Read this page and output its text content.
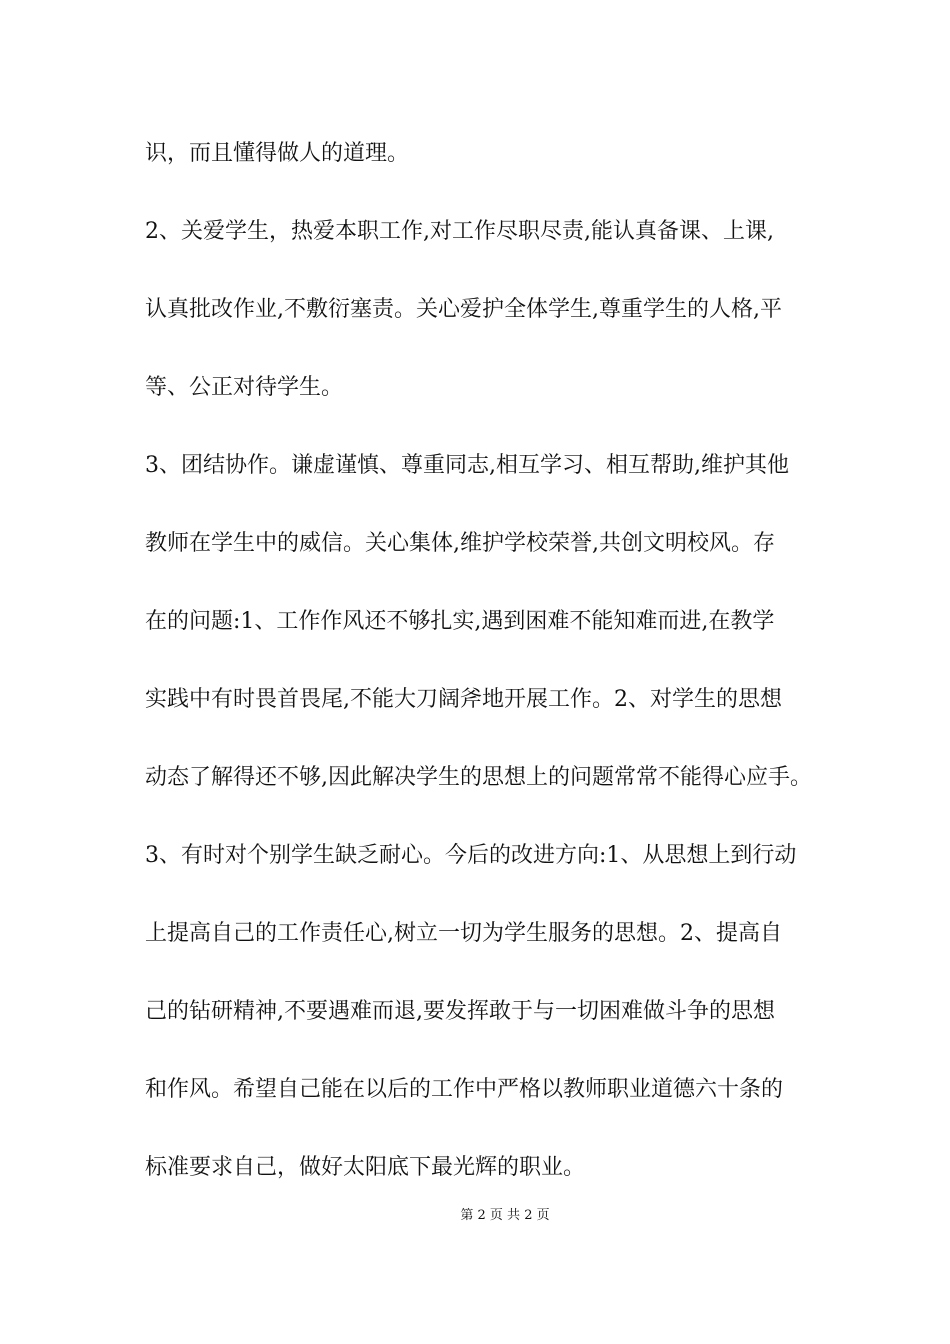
识，而且懂得做人的道理。
2、关爱学生，热爱本职工作,对工作尽职尽责,能认真备课、上课,
认真批改作业,不敷衍塞责。关心爱护全体学生,尊重学生的人格,平
等、公正对待学生。
3、团结协作。谦虚谨慎、尊重同志,相互学习、相互帮助,维护其他
教师在学生中的威信。关心集体,维护学校荣誉,共创文明校风。存
在的问题:1、工作作风还不够扎实,遇到困难不能知难而进,在教学
实践中有时畏首畏尾,不能大刀阔斧地开展工作。2、对学生的思想
动态了解得还不够,因此解决学生的思想上的问题常常不能得心应手。
3、有时对个别学生缺乏耐心。今后的改进方向:1、从思想上到行动
上提高自己的工作责任心,树立一切为学生服务的思想。2、提高自
己的钻研精神,不要遇难而退,要发挥敢于与一切困难做斗争的思想
和作风。希望自己能在以后的工作中严格以教师职业道德六十条的
标准要求自己，做好太阳底下最光辉的职业。
第 2 页 共 2 页
